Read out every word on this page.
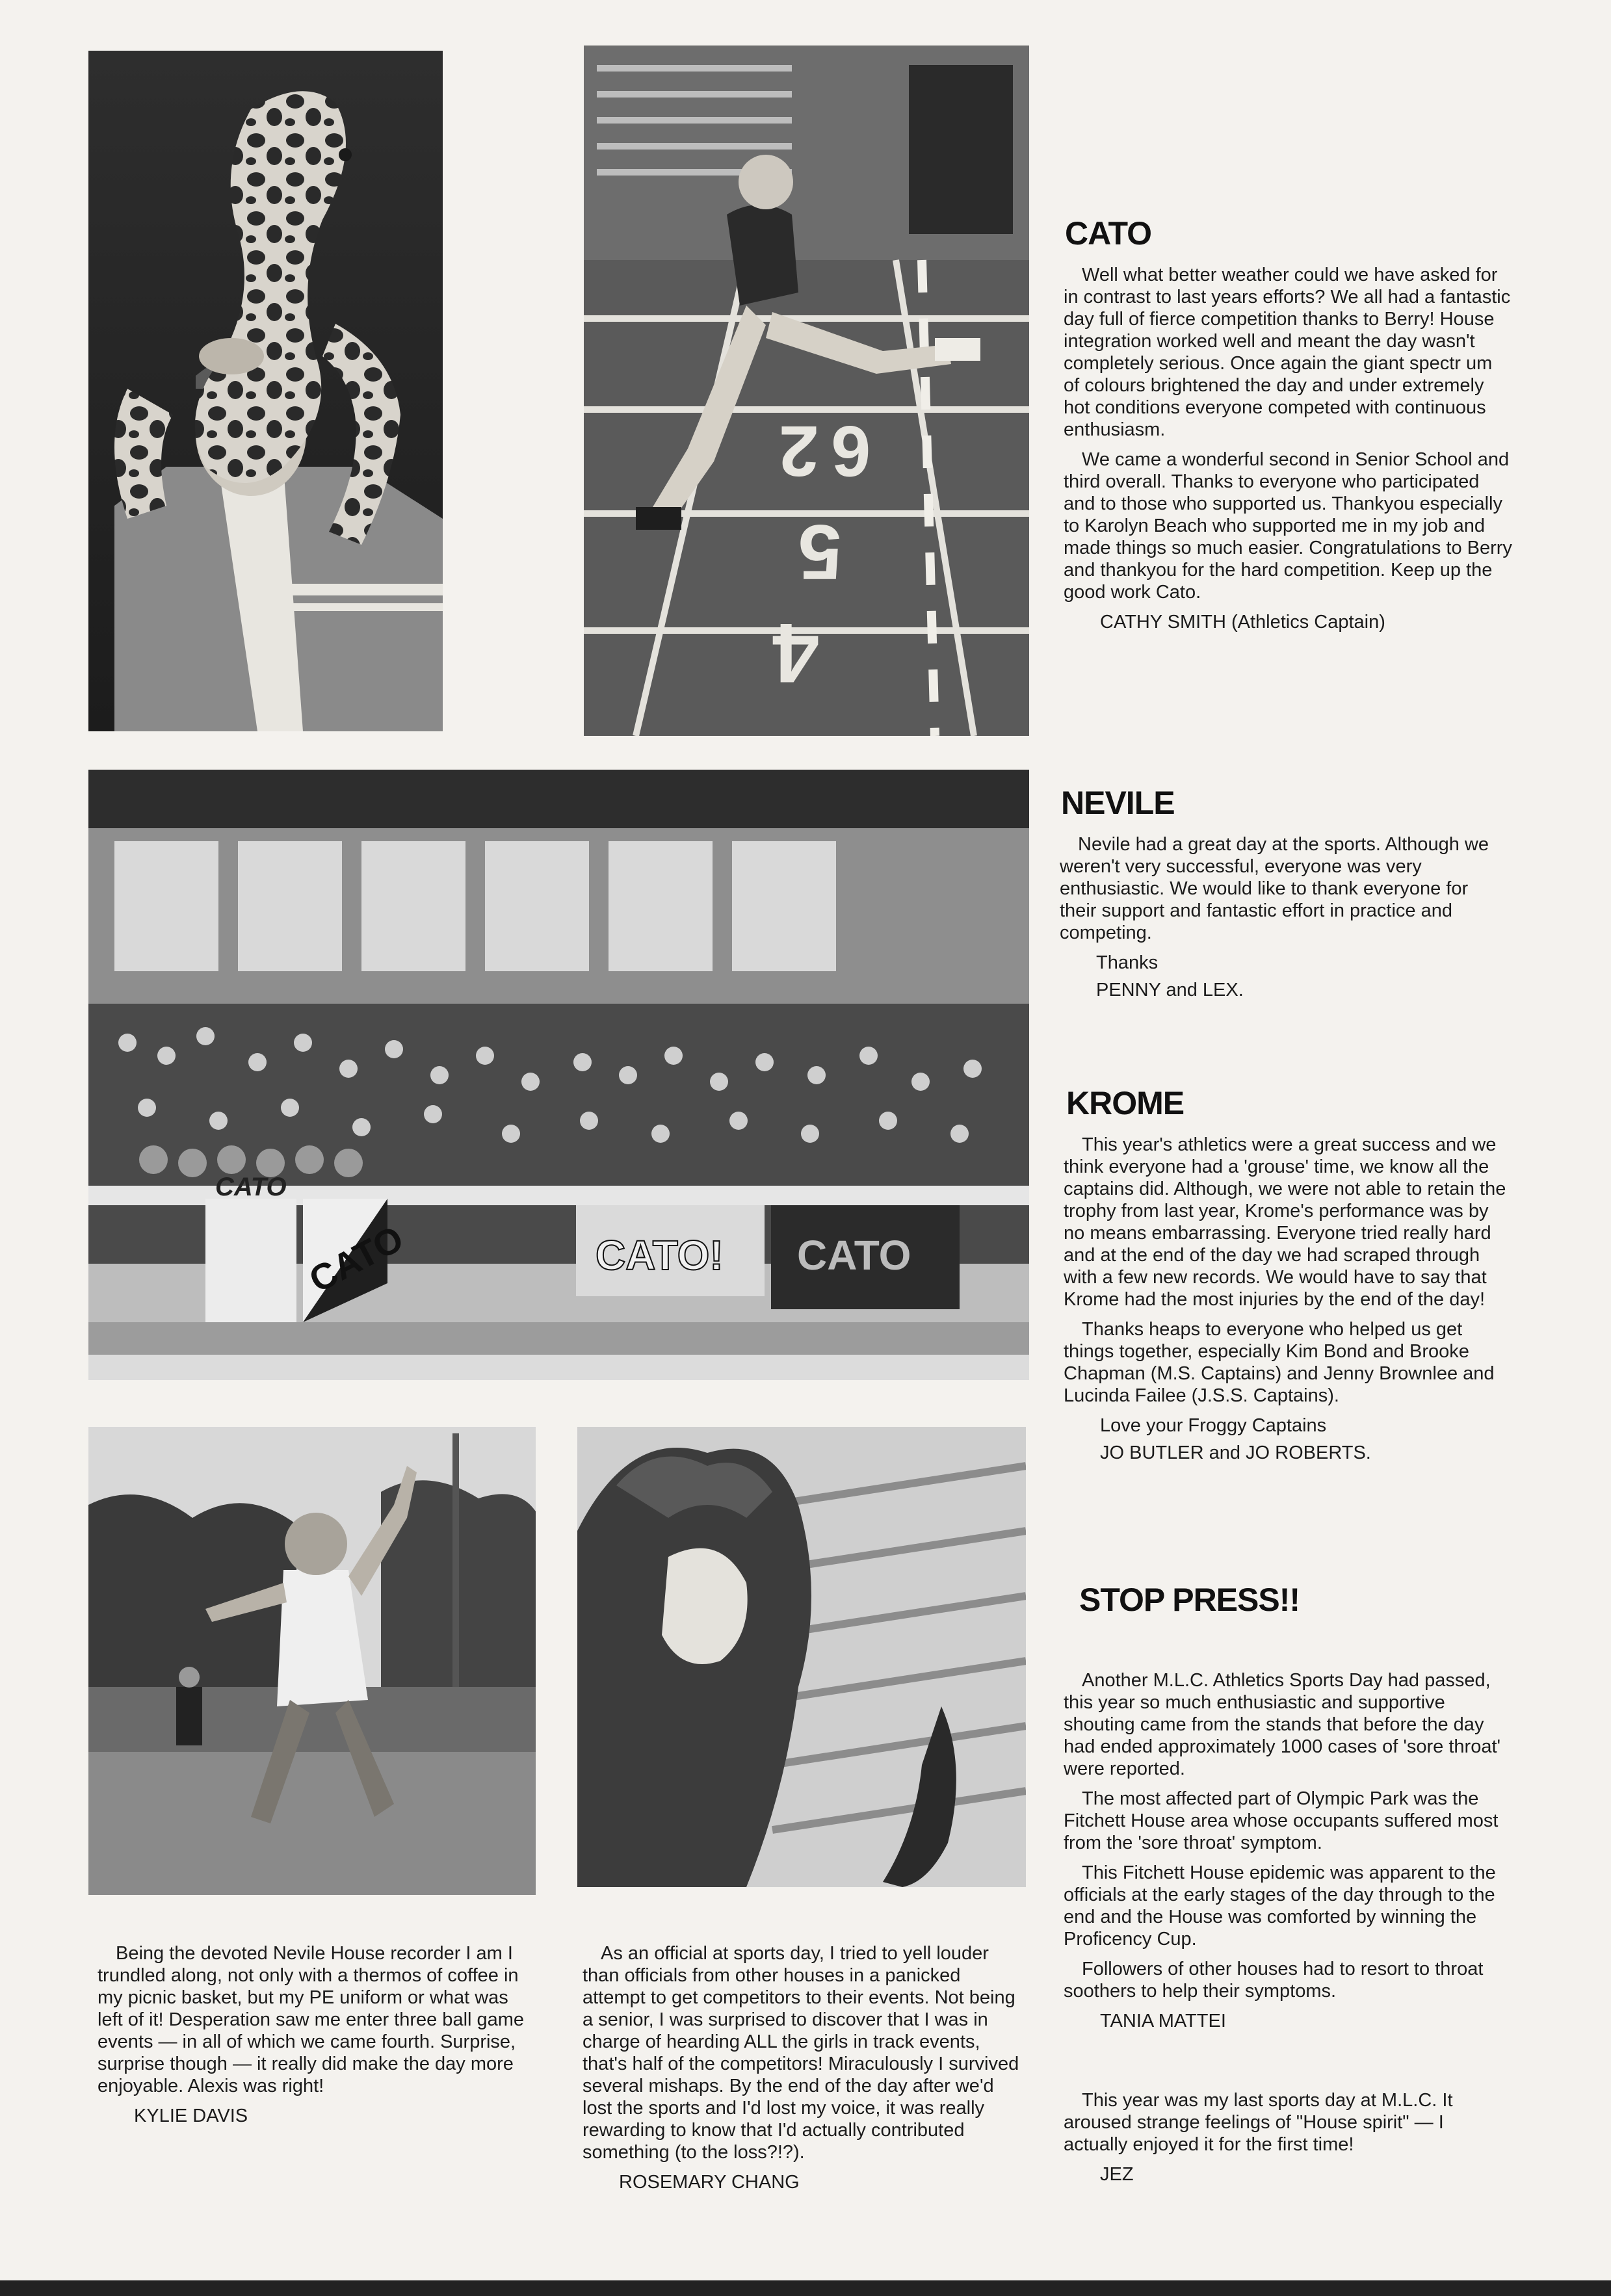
2 6
5
4
CATO
CATO	CATO! CATO
CATO

Well what better weather could we have asked for in contrast to last years efforts? We all had a fantastic day full of fierce competition thanks to Berry! House integration worked well and meant the day wasn't completely serious. Once again the giant spectr um of colours brightened the day and under extremely hot conditions everyone competed with continuous enthusiasm.

We came a wonderful second in Senior School and third overall. Thanks to everyone who participated and to those who supported us. Thankyou especially to Karolyn Beach who supported me in my job and made things so much easier. Congratulations to Berry and thankyou for the hard competition. Keep up the good work Cato.

CATHY SMITH (Athletics Captain)

NEVILE

Nevile had a great day at the sports. Although we weren't very successful, everyone was very enthusiastic. We would like to thank everyone for their support and fantastic effort in practice and competing.

Thanks

PENNY and LEX.

KROME

This year's athletics were a great success and we think everyone had a 'grouse' time, we know all the captains did. Although, we were not able to retain the trophy from last year, Krome's performance was by no means embarrassing. Everyone tried really hard and at the end of the day we had scraped through with a few new records. We would have to say that Krome had the most injuries by the end of the day!

Thanks heaps to everyone who helped us get things together, especially Kim Bond and Brooke Chapman (M.S. Captains) and Jenny Brownlee and Lucinda Failee (J.S.S. Captains).

Love your Froggy Captains

JO BUTLER and JO ROBERTS.

STOP PRESS!!

Another M.L.C. Athletics Sports Day had passed, this year so much enthusiastic and supportive shouting came from the stands that before the day had ended approximately 1000 cases of 'sore throat' were reported.

The most affected part of Olympic Park was the Fitchett House area whose occupants suffered most from the 'sore throat' symptom.

This Fitchett House epidemic was apparent to the officials at the early stages of the day through to the end and the House was comforted by winning the Proficency Cup.

Followers of other houses had to resort to throat soothers to help their symptoms.

TANIA MATTEI

This year was my last sports day at M.L.C. It aroused strange feelings of "House spirit" — I actually enjoyed it for the first time!

JEZ

Being the devoted Nevile House recorder I am I trundled along, not only with a thermos of coffee in my picnic basket, but my PE uniform or what was left of it! Desperation saw me enter three ball game events — in all of which we came fourth. Surprise, surprise though — it really did make the day more enjoyable. Alexis was right!

KYLIE DAVIS

As an official at sports day, I tried to yell louder than officials from other houses in a panicked attempt to get competitors to their events. Not being a senior, I was surprised to discover that I was in charge of hearding ALL the girls in track events, that's half of the competitors! Miraculously I survived several mishaps. By the end of the day after we'd lost the sports and I'd lost my voice, it was really rewarding to know that I'd actually contributed something (to the loss?!?).

ROSEMARY CHANG
